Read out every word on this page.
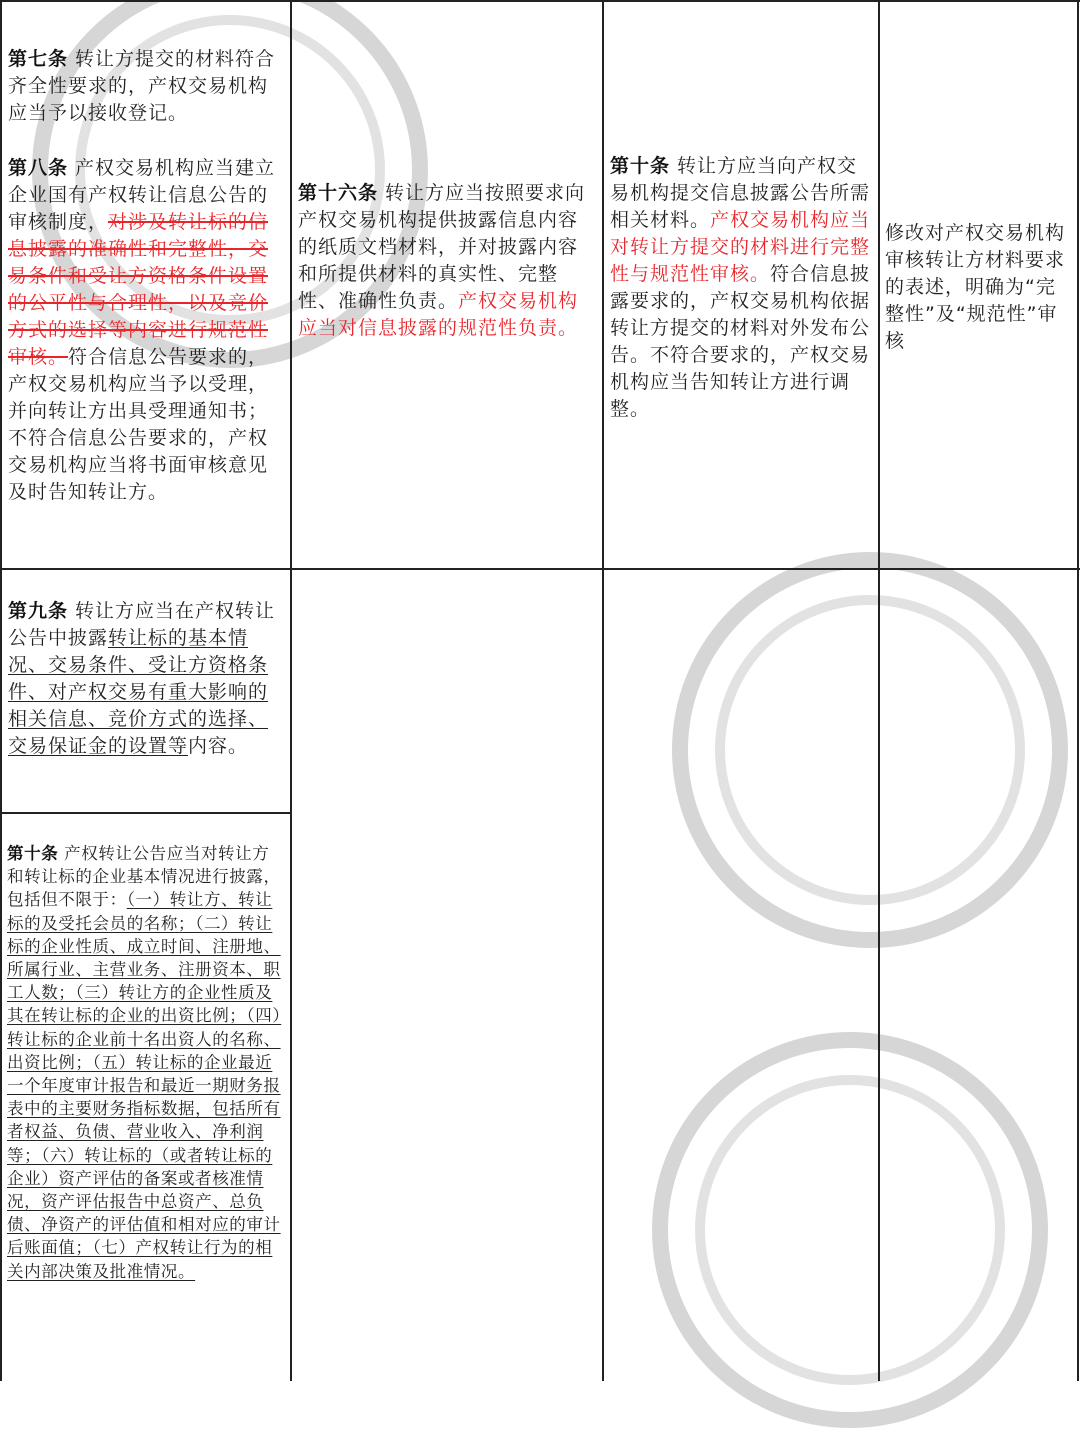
第七条 转让方提交的材料符合齐全性要求的，产权交易机构应当予以接收登记。

第八条 产权交易机构应当建立企业国有产权转让信息公告的审核制度，对涉及转让标的信息披露的准确性和完整性，交易条件和受让方资格条件设置的公平性与合理性，以及竞价方式的选择等内容进行规范性审核。符合信息公告要求的，产权交易机构应当予以受理，并向转让方出具受理通知书；不符合信息公告要求的，产权交易机构应当将书面审核意见及时告知转让方。

第十六条 转让方应当按照要求向产权交易机构提供披露信息内容的纸质文档材料，并对披露内容和所提供材料的真实性、完整性、准确性负责。产权交易机构应当对信息披露的规范性负责。

第十条 转让方应当向产权交易机构提交信息披露公告所需相关材料。产权交易机构应当对转让方提交的材料进行完整性与规范性审核。符合信息披露要求的，产权交易机构依据转让方提交的材料对外发布公告。不符合要求的，产权交易机构应当告知转让方进行调整。

修改对产权交易机构审核转让方材料要求的表述，明确为“完整性”及“规范性”审核

第九条 转让方应当在产权转让公告中披露转让标的基本情况、交易条件、受让方资格条件、对产权交易有重大影响的相关信息、竞价方式的选择、交易保证金的设置等内容。

第十条 产权转让公告应当对转让方和转让标的企业基本情况进行披露，包括但不限于：（一）转让方、转让标的及受托会员的名称；（二）转让标的企业性质、成立时间、注册地、所属行业、主营业务、注册资本、职工人数；（三）转让方的企业性质及其在转让标的企业的出资比例；（四）转让标的企业前十名出资人的名称、出资比例；（五）转让标的企业最近一个年度审计报告和最近一期财务报表中的主要财务指标数据，包括所有者权益、负债、营业收入、净利润等；（六）转让标的（或者转让标的企业）资产评估的备案或者核准情况，资产评估报告中总资产、总负债、净资产的评估值和相对应的审计后账面值；（七）产权转让行为的相关内部决策及批准情况。
